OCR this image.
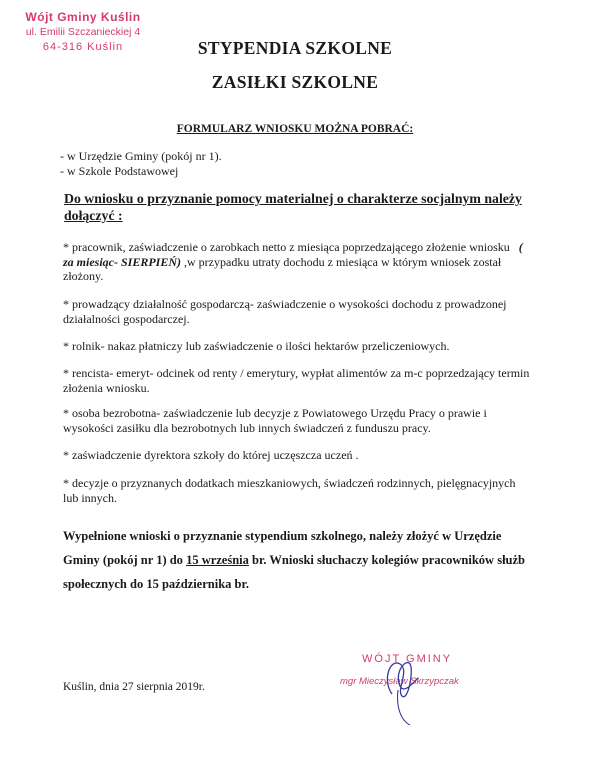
Wójt Gminy Kuślin
ul. Emilii Szczanieckiej 4
64-316 Kuślin	STYPENDIA SZKOLNE
ZASIŁKI SZKOLNE
FORMULARZ WNIOSKU MOŻNA POBRAĆ:
- w Urzędzie Gminy (pokój nr 1).
- w Szkole Podstawowej
Do wniosku o przyznanie pomocy materialnej o charakterze socjalnym należy dołączyć :
* pracownik, zaświadczenie o zarobkach netto z miesiąca poprzedzającego złożenie wniosku ( za miesiąc- SIERPIEŃ) ,w przypadku utraty dochodu z miesiąca w którym wniosek został złożony.
* prowadzący działalność gospodarczą- zaświadczenie o wysokości dochodu z prowadzonej działalności gospodarczej.
* rolnik- nakaz płatniczy lub zaświadczenie o ilości hektarów przeliczeniowych.
* rencista- emeryt- odcinek od renty / emerytury, wypłat alimentów za m-c poprzedzający termin złożenia wniosku.
* osoba bezrobotna- zaświadczenie lub decyzje z Powiatowego Urzędu Pracy o prawie i wysokości zasiłku dla bezrobotnych lub innych świadczeń z funduszu pracy.
* zaświadczenie dyrektora szkoły do której uczęszcza uczeń .
* decyzje o przyznanych dodatkach mieszkaniowych, świadczeń rodzinnych, pielęgnacyjnych lub innych.
Wypełnione wnioski o przyznanie stypendium szkolnego, należy złożyć w Urzędzie Gminy (pokój nr 1) do 15 września br. Wnioski słuchaczy kolegiów pracowników służb społecznych do 15 października br.
Kuślin, dnia 27 sierpnia 2019r.
WÓJT GMINY
mgr Mieczysław Skrzypczak
